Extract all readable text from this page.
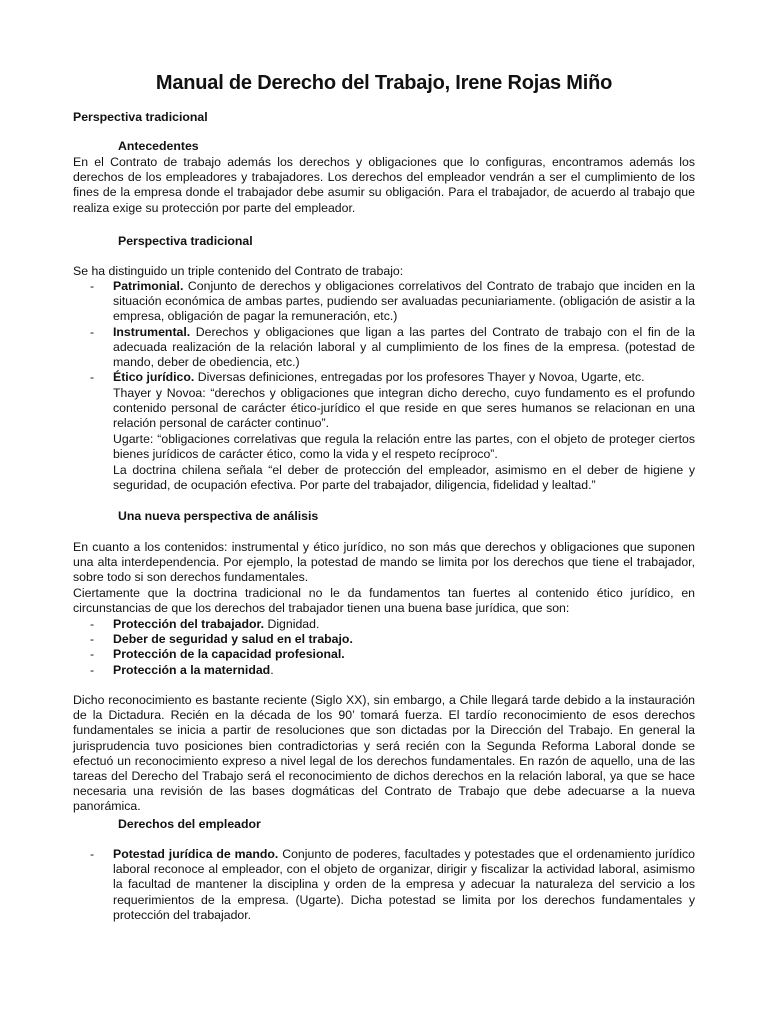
Manual de Derecho del Trabajo, Irene Rojas Miño
Perspectiva tradicional
Antecedentes

En el Contrato de trabajo además los derechos y obligaciones que lo configuras, encontramos además los derechos de los empleadores y trabajadores. Los derechos del empleador vendrán a ser el cumplimiento de los fines de la empresa donde el trabajador debe asumir su obligación. Para el trabajador, de acuerdo al trabajo que realiza exige su protección por parte del empleador.

Perspectiva tradicional

Se ha distinguido un triple contenido del Contrato de trabajo:

- Patrimonial. Conjunto de derechos y obligaciones correlativos del Contrato de trabajo que inciden en la situación económica de ambas partes, pudiendo ser avaluadas pecuniariamente. (obligación de asistir a la empresa, obligación de pagar la remuneración, etc.)
- Instrumental. Derechos y obligaciones que ligan a las partes del Contrato de trabajo con el fin de la adecuada realización de la relación laboral y al cumplimiento de los fines de la empresa. (potestad de mando, deber de obediencia, etc.)
- Ético jurídico. Diversas definiciones, entregadas por los profesores Thayer y Novoa, Ugarte, etc.

Thayer y Novoa: “derechos y obligaciones que integran dicho derecho, cuyo fundamento es el profundo contenido personal de carácter ético-jurídico el que reside en que seres humanos se relacionan en una relación personal de carácter continuo”.

Ugarte: “obligaciones correlativas que regula la relación entre las partes, con el objeto de proteger ciertos bienes jurídicos de carácter ético, como la vida y el respeto recíproco”.

La doctrina chilena señala “el deber de protección del empleador, asimismo en el deber de higiene y seguridad, de ocupación efectiva. Por parte del trabajador, diligencia, fidelidad y lealtad.”

Una nueva perspectiva de análisis

En cuanto a los contenidos: instrumental y ético jurídico, no son más que derechos y obligaciones que suponen una alta interdependencia. Por ejemplo, la potestad de mando se limita por los derechos que tiene el trabajador, sobre todo si son derechos fundamentales.

Ciertamente que la doctrina tradicional no le da fundamentos tan fuertes al contenido ético jurídico, en circunstancias de que los derechos del trabajador tienen una buena base jurídica, que son:

- Protección del trabajador. Dignidad.
- Deber de seguridad y salud en el trabajo.
- Protección de la capacidad profesional.
- Protección a la maternidad.

Dicho reconocimiento es bastante reciente (Siglo XX), sin embargo, a Chile llegará tarde debido a la instauración de la Dictadura. Recién en la década de los 90’ tomará fuerza. El tardío reconocimiento de esos derechos fundamentales se inicia a partir de resoluciones que son dictadas por la Dirección del Trabajo. En general la jurisprudencia tuvo posiciones bien contradictorias y será recién con la Segunda Reforma Laboral donde se efectuó un reconocimiento expreso a nivel legal de los derechos fundamentales. En razón de aquello, una de las tareas del Derecho del Trabajo será el reconocimiento de dichos derechos en la relación laboral, ya que se hace necesaria una revisión de las bases dogmáticas del Contrato de Trabajo que debe adecuarse a la nueva panorámica.

Derechos del empleador
- Potestad jurídica de mando. Conjunto de poderes, facultades y potestades que el ordenamiento jurídico laboral reconoce al empleador, con el objeto de organizar, dirigir y fiscalizar la actividad laboral, asimismo la facultad de mantener la disciplina y orden de la empresa y adecuar la naturaleza del servicio a los requerimientos de la empresa. (Ugarte). Dicha potestad se limita por los derechos fundamentales y protección del trabajador.
